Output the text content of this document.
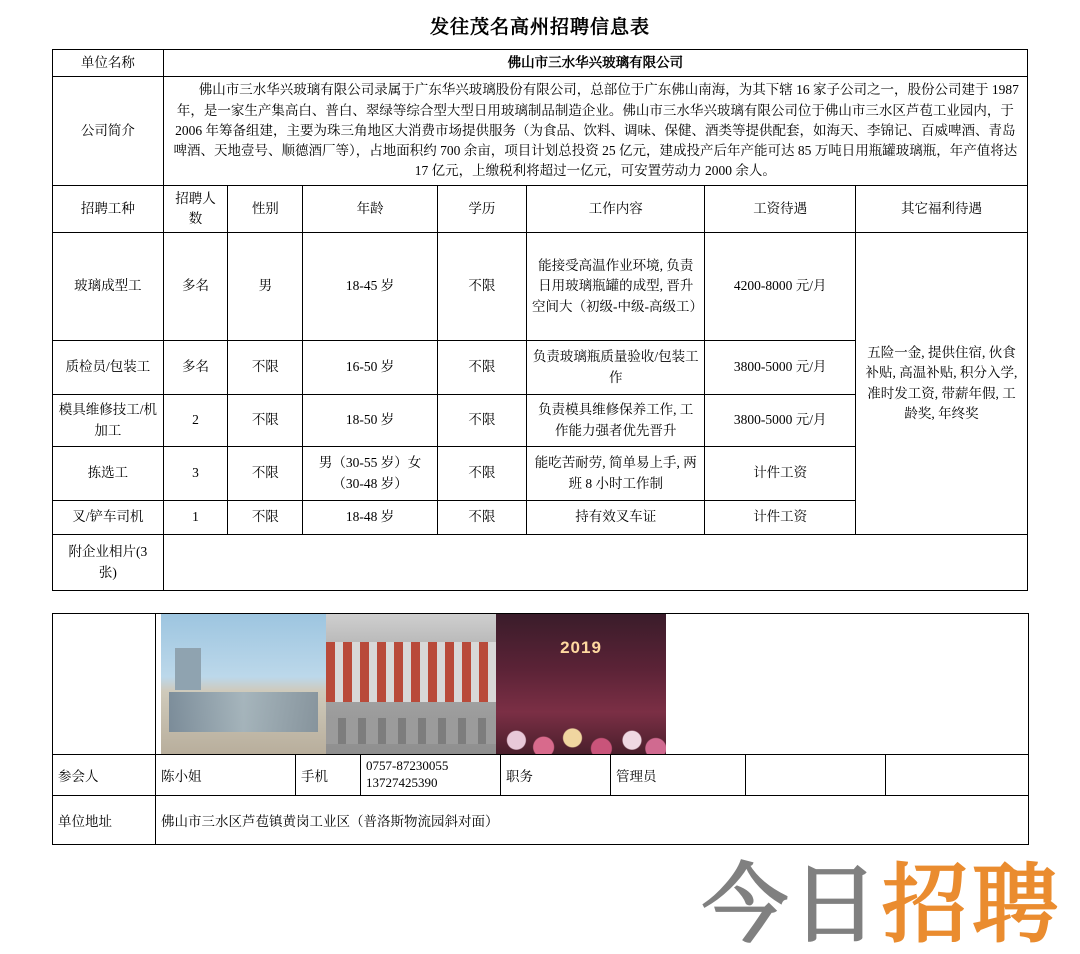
发往茂名高州招聘信息表
单位名称	佛山市三水华兴玻璃有限公司						
公司简介	佛山市三水华兴玻璃有限公司录属于广东华兴玻璃股份有限公司，总部位于广东佛山南海，为其下辖 16 家子公司之一，股份公司建于 1987 年，是一家生产集高白、普白、翠绿等综合型大型日用玻璃制品制造企业。佛山市三水华兴玻璃有限公司位于佛山市三水区芦苞工业园内，于 2006 年筹备组建，主要为珠三角地区大消费市场提供服务（为食品、饮料、调味、保健、酒类等提供配套，如海天、李锦记、百威啤酒、青岛啤酒、天地壹号、顺德酒厂等），占地面积约 700 余亩，项目计划总投资 25 亿元，建成投产后年产能可达 85 万吨日用瓶罐玻璃瓶，年产值将达 17 亿元，上缴税利将超过一亿元，可安置劳动力 2000 余人。						

招聘工种	招聘人数	性别	年龄	学历	工作内容	工资待遇	其它福利待遇
玻璃成型工	多名	男	18-45 岁	不限	能接受高温作业环境, 负责日用玻璃瓶罐的成型, 晋升空间大（初级-中级-高级工）	4200-8000 元/月	五险一金, 提供住宿, 伙食补贴, 高温补贴, 积分入学, 准时发工资, 带薪年假, 工龄奖, 年终奖
质检员/包装工	多名	不限	16-50 岁	不限	负责玻璃瓶质量验收/包装工作	3800-5000 元/月	
模具维修技工/机加工	2	不限	18-50 岁	不限	负责模具维修保养工作, 工作能力强者优先晋升	3800-5000 元/月	
拣选工	3	不限	男（30-55 岁）女（30-48 岁）	不限	能吃苦耐劳, 简单易上手, 两班 8 小时工作制	计件工资	
叉/铲车司机	1	不限	18-48 岁	不限	持有效叉车证	计件工资	
附企业相片(3 张)							

2019

参会人	陈小姐	手机	0757-87230055 13727425390	职务	管理员		
单位地址	佛山市三水区芦苞镇黄岗工业区（普洛斯物流园斜对面）						
今日招聘
